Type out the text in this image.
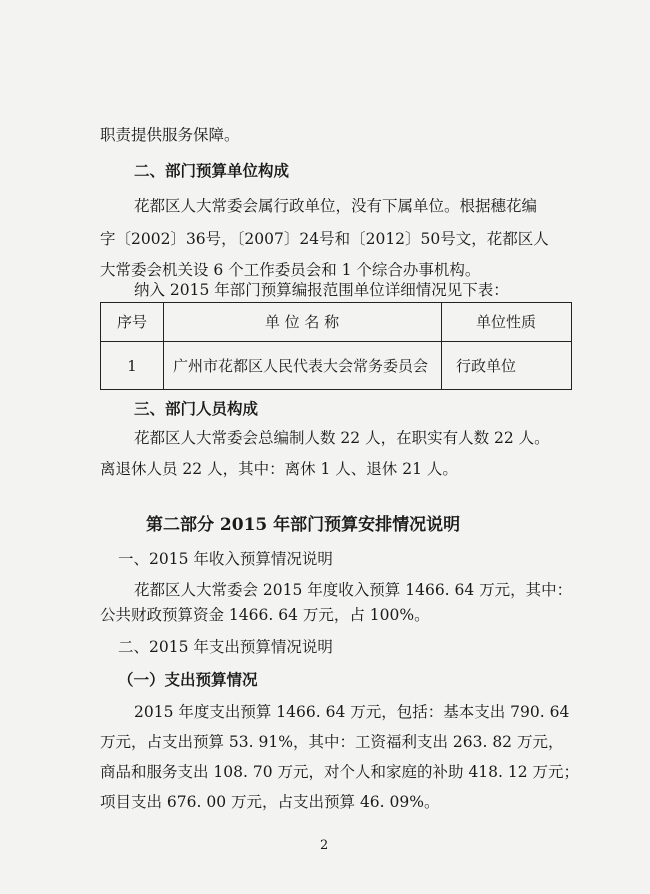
职责提供服务保障。
二、部门预算单位构成
花都区人大常委会属行政单位，没有下属单位。根据穗花编
字〔2002〕36号，〔2007〕24号和〔2012〕50号文，花都区人
大常委会机关设 6 个工作委员会和 1 个综合办事机构。
纳入 2015 年部门预算编报范围单位详细情况见下表：
序号	单 位 名 称	单位性质
1 广州市花都区人民代表大会常务委员会 行政单位
三、部门人员构成
花都区人大常委会总编制人数 22 人，在职实有人数 22 人。
离退休人员 22 人，其中：离休 1 人、退休 21 人。
第二部分 2015 年部门预算安排情况说明
一、2015 年收入预算情况说明
花都区人大常委会 2015 年度收入预算 1466. 64 万元，其中：
公共财政预算资金 1466. 64 万元，占 100%。
二、2015 年支出预算情况说明
（一）支出预算情况
2015 年度支出预算 1466. 64 万元，包括：基本支出 790. 64
万元，占支出预算 53. 91%，其中：工资福利支出 263. 82 万元，
商品和服务支出 108. 70 万元，对个人和家庭的补助 418. 12 万元；
项目支出 676. 00 万元，占支出预算 46. 09%。
2
